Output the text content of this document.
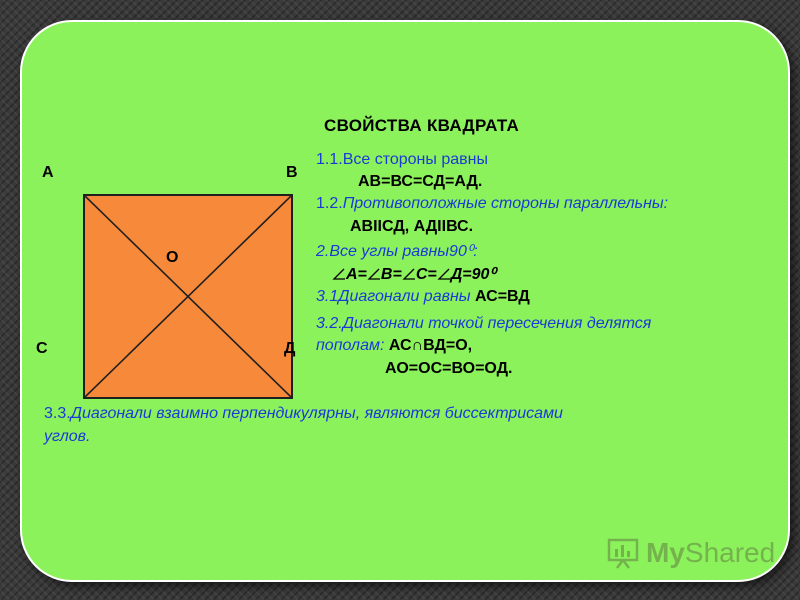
СВОЙСТВА КВАДРАТА
А	В
О
С	Д
1.1.Все стороны равны
АВ=ВС=СД=АД.
1.2.Противоположные стороны параллельны:
АВIIСД, АДIIВС.
2.Все углы равны90⁰:
А= В= С= Д=90⁰
3.1Диагонали равны АС=ВД
3.2.Диагонали точкой пересечения делятся
пополам: АС∩ВД=О,
АО=ОС=ВО=ОД.
3.3.Диагонали взаимно перпендикулярны, являются биссектрисами
углов.
MyShared
